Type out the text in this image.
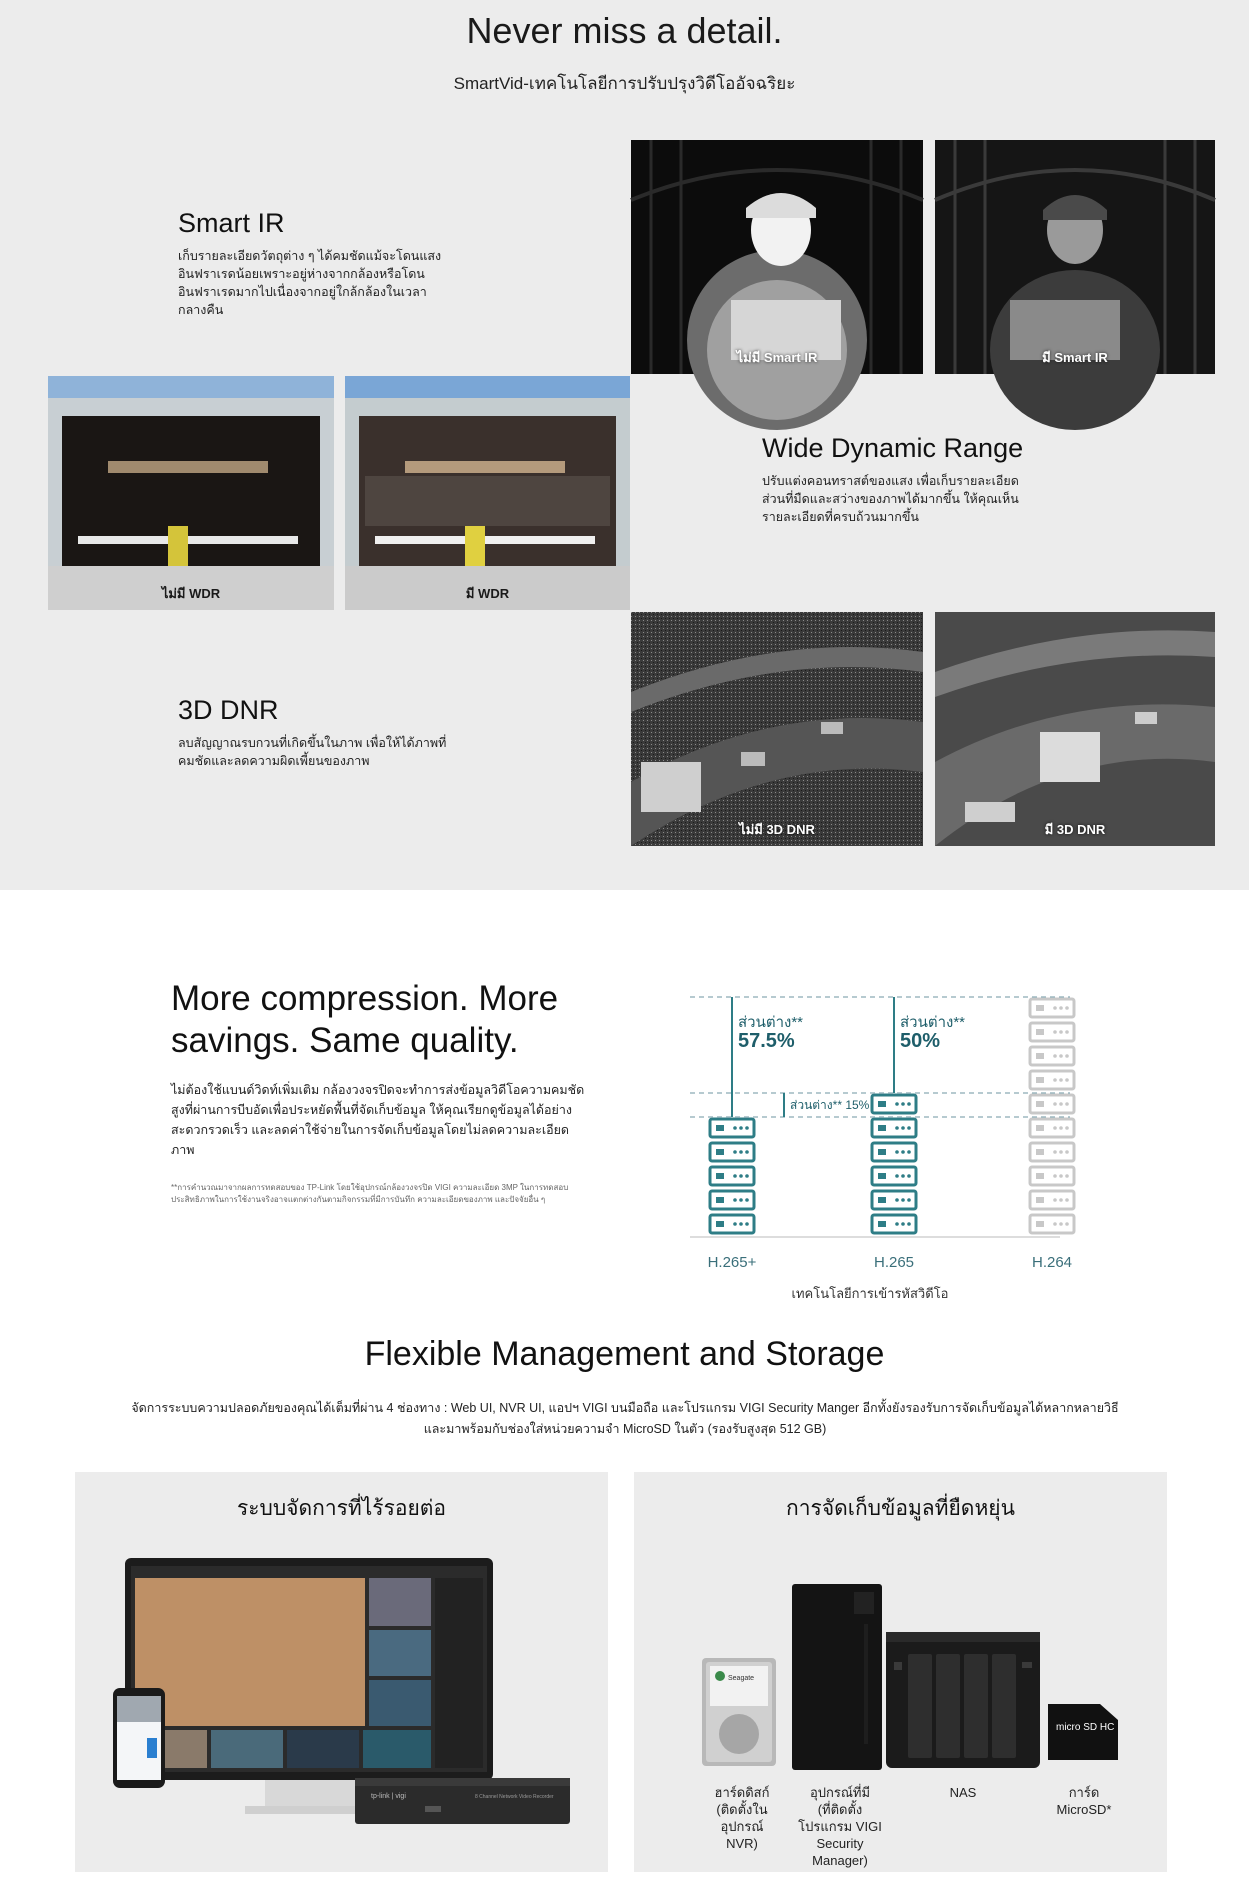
Never miss a detail.

SmartVid-เทคโนโลยีการปรับปรุงวิดีโออัจฉริยะ

Smart IR

เก็บรายละเอียดวัตถุต่าง ๆ ได้คมชัดแม้จะโดนแสงอินฟราเรดน้อยเพราะอยู่ห่างจากกล้องหรือโดนอินฟราเรดมากไปเนื่องจากอยู่ใกล้กล้องในเวลากลางคืน

ไม่มี Smart IR	มี Smart IR
ไม่มี WDR	มี WDR
Wide Dynamic Range

ปรับแต่งคอนทราสต์ของแสง เพื่อเก็บรายละเอียดส่วนที่มืดและสว่างของภาพได้มากขึ้น ให้คุณเห็นรายละเอียดที่ครบถ้วนมากขึ้น

3D DNR

ลบสัญญาณรบกวนที่เกิดขึ้นในภาพ เพื่อให้ได้ภาพที่คมชัดและลดความผิดเพี้ยนของภาพ

ไม่มี 3D DNR	มี 3D DNR
More compression. More savings. Same quality.

ไม่ต้องใช้แบนด์วิดท์เพิ่มเติม กล้องวงจรปิดจะทำการส่งข้อมูลวิดีโอความคมชัดสูงที่ผ่านการบีบอัดเพื่อประหยัดพื้นที่จัดเก็บข้อมูล ให้คุณเรียกดูข้อมูลได้อย่างสะดวกรวดเร็ว และลดค่าใช้จ่ายในการจัดเก็บข้อมูลโดยไม่ลดความละเอียดภาพ

**การคำนวณมาจากผลการทดสอบของ TP-Link โดยใช้อุปกรณ์กล้องวงจรปิด VIGI ความละเอียด 3MP ในการทดสอบ ประสิทธิภาพในการใช้งานจริงอาจแตกต่างกันตามกิจกรรมที่มีการบันทึก ความละเอียดของภาพ และปัจจัยอื่น ๆ

H.265+	H.265	H.264
ส่วนต่าง**
57.5%
ส่วนต่าง**
50%
ส่วนต่าง** 15%
เทคโนโลยีการเข้ารหัสวิดีโอ
Flexible Management and Storage

จัดการระบบความปลอดภัยของคุณได้เต็มที่ผ่าน 4 ช่องทาง : Web UI, NVR UI, แอปฯ VIGI บนมือถือ และโปรแกรม VIGI Security Manger อีกทั้งยังรองรับการจัดเก็บข้อมูลได้หลากหลายวิธี และมาพร้อมกับช่องใส่หน่วยความจำ MicroSD ในตัว (รองรับสูงสุด 512 GB)

ระบบจัดการที่ไร้รอยต่อ
tp-link | vigi	8 Channel Network Video Recorder
การจัดเก็บข้อมูลที่ยืดหยุ่น
Seagate
micro SD HC
ฮาร์ดดิสก์
(ติดตั้งใน
อุปกรณ์
NVR)
อุปกรณ์ที่มี
(ที่ติดตั้ง
โปรแกรม VIGI
Security
Manager)
NAS	การ์ด
MicroSD*
